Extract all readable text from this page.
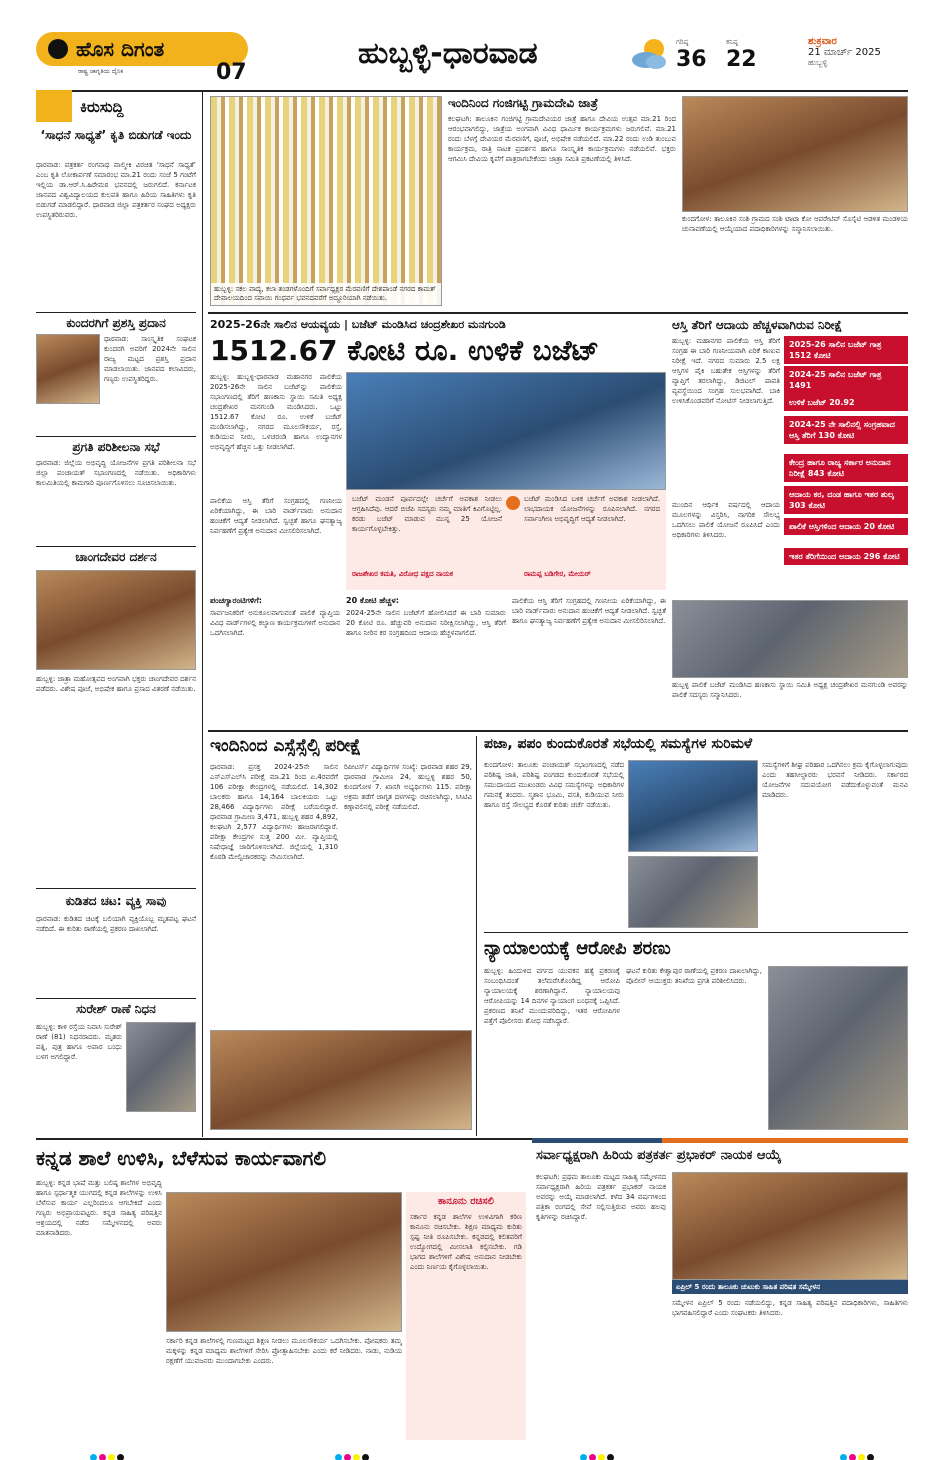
ಹೊಸ ದಿಗಂತ
ರಾಷ್ಟ್ರ ಜಾಗೃತಿಯ ದೈನಿಕ	07
ಹುಬ್ಬಳ್ಳಿ-ಧಾರವಾಡ	ಗರಿಷ್ಠ
36
ಕನಿಷ್ಠ
22
ಶುಕ್ರವಾರ
21 ಮಾರ್ಚ್ 2025
ಹುಬ್ಬಳ್ಳಿ
ಕಿರುಸುದ್ದಿ
‘ಸಾಧನೆ ಸಾಧ್ಯತೆ’ ಕೃತಿ ಬಿಡುಗಡೆ ಇಂದು
ಧಾರವಾಡ: ಪತ್ರಕರ್ತ ರಂಗನಾಥ ವಾಲ್ಮೀಕಿ ವಿರಚಿತ ‘ಸಾಧನೆ ಸಾಧ್ಯತೆ’ ಎಂಬ ಕೃತಿ ಲೋಕಾರ್ಪಣೆ ಸಮಾರಂಭ ಮಾ.21 ರಂದು ಸಂಜೆ 5 ಗಂಟೆಗೆ ಇಲ್ಲಿಯ ಡಾ.ಆರ್.ಸಿ.ಹಿರೇಮಠ ಭವನದಲ್ಲಿ ಜರುಗಲಿದೆ. ಕರ್ನಾಟಕ ಜಾನಪದ ವಿಶ್ವವಿದ್ಯಾಲಯದ ಕುಲಪತಿ ಹಾಗೂ ಹಿರಿಯ ಸಾಹಿತಿಗಳು ಕೃತಿ ಬಿಡುಗಡೆ ಮಾಡಲಿದ್ದಾರೆ. ಧಾರವಾಡ ಜಿಲ್ಲಾ ಪತ್ರಕರ್ತರ ಸಂಘದ ಅಧ್ಯಕ್ಷರು ಉಪಸ್ಥಿತರಿರುವರು.
ಕುಂದರಗಿಗೆ ಪ್ರಶಸ್ತಿ ಪ್ರದಾನ
ಧಾರವಾಡ: ಸಾಂಸ್ಕೃತಿಕ ಸಂಘಟಕ ಕುಂದರಗಿ ಅವರಿಗೆ 2024ನೇ ಸಾಲಿನ ರಾಜ್ಯ ಮಟ್ಟದ ಪ್ರಶಸ್ತಿ ಪ್ರದಾನ ಮಾಡಲಾಯಿತು. ಜಾನಪದ ಕಲಾವಿದರು, ಗಣ್ಯರು ಉಪಸ್ಥಿತರಿದ್ದರು.
ಪ್ರಗತಿ ಪರಿಶೀಲನಾ ಸಭೆ
ಧಾರವಾಡ: ಜಿಲ್ಲೆಯ ಅಭಿವೃದ್ಧಿ ಯೋಜನೆಗಳ ಪ್ರಗತಿ ಪರಿಶೀಲನಾ ಸಭೆ ಜಿಲ್ಲಾ ಪಂಚಾಯತ್ ಸಭಾಂಗಣದಲ್ಲಿ ನಡೆಯಿತು. ಅಧಿಕಾರಿಗಳು ಕಾಲಮಿತಿಯಲ್ಲಿ ಕಾಮಗಾರಿ ಪೂರ್ಣಗೊಳಿಸಲು ಸೂಚಿಸಲಾಯಿತು.
ಚಾಂಗದೇವರ ದರ್ಶನ
ಹುಬ್ಬಳ್ಳಿ: ಜಾತ್ರಾ ಮಹೋತ್ಸವದ ಅಂಗವಾಗಿ ಭಕ್ತರು ಚಾಂಗದೇವರ ದರ್ಶನ ಪಡೆದರು. ವಿಶೇಷ ಪೂಜೆ, ಅಭಿಷೇಕ ಹಾಗೂ ಪ್ರಸಾದ ವಿತರಣೆ ನಡೆಯಿತು.
ಕುಡಿತದ ಚಟ: ವ್ಯಕ್ತಿ ಸಾವು
ಧಾರವಾಡ: ಕುಡಿತದ ಚಟಕ್ಕೆ ಬಲಿಯಾಗಿ ವ್ಯಕ್ತಿಯೊಬ್ಬ ಮೃತಪಟ್ಟ ಘಟನೆ ನಡೆದಿದೆ. ಈ ಕುರಿತು ಠಾಣೆಯಲ್ಲಿ ಪ್ರಕರಣ ದಾಖಲಾಗಿದೆ.
ಸುರೇಶ್ ರಾಣೆ ನಿಧನ
ಹುಬ್ಬಳ್ಳಿ: ಕಾಳಿ ರಸ್ತೆಯ ನಿವಾಸಿ ಸುರೇಶ್ ರಾಣೆ (81) ನಿಧನರಾದರು. ಮೃತರು ಪತ್ನಿ, ಪುತ್ರ ಹಾಗೂ ಅಪಾರ ಬಂಧು ಬಳಗ ಅಗಲಿದ್ದಾರೆ.
ಹುಬ್ಬಳ್ಳಿ: ಸಕಲ ವಾದ್ಯ, ಕಲಾ ತಂಡಗಳೊಂದಿಗೆ ಸರ್ವಾಧ್ಯಕ್ಷರ ಮೆರವಣಿಗೆ ದೇಶಪಾಂಡೆ ನಗರದ ಕಾಮತ್ ದೇವಾಲಯದಿಂದ ಸವಾಯಿ ಗಂಧರ್ವ ಭವನದವರೆಗೆ ಅದ್ದೂರಿಯಾಗಿ ನಡೆಯಿತು.
ಇಂದಿನಿಂದ ಗಂಜಿಗಟ್ಟಿ ಗ್ರಾಮದೇವಿ ಜಾತ್ರೆ
ಕಲಘಟಗಿ: ತಾಲೂಕಿನ ಗಂಜಿಗಟ್ಟಿ ಗ್ರಾಮದೇವಿಯರ ಜಾತ್ರೆ ಹಾಗೂ ದೇವಿಯ ಉತ್ಸವ ಮಾ.21 ರಿಂದ ಆರಂಭವಾಗಲಿದ್ದು, ಜಾತ್ರೆಯ ಅಂಗವಾಗಿ ವಿವಿಧ ಧಾರ್ಮಿಕ ಕಾರ್ಯಕ್ರಮಗಳು ಜರುಗಲಿವೆ. ಮಾ.21 ರಂದು ಬೆಳಗ್ಗೆ ದೇವಿಯರ ಮೆರವಣಿಗೆ, ಪೂಜೆ, ಅಭಿಷೇಕ ನಡೆಯಲಿದೆ. ಮಾ.22 ರಂದು ಉಡಿ ತುಂಬುವ ಕಾರ್ಯಕ್ರಮ, ರಾತ್ರಿ ನಾಟಕ ಪ್ರದರ್ಶನ ಹಾಗೂ ಸಾಂಸ್ಕೃತಿಕ ಕಾರ್ಯಕ್ರಮಗಳು ನಡೆಯಲಿವೆ. ಭಕ್ತರು ಆಗಮಿಸಿ ದೇವಿಯ ಕೃಪೆಗೆ ಪಾತ್ರರಾಗಬೇಕೆಂದು ಜಾತ್ರಾ ಸಮಿತಿ ಪ್ರಕಟಣೆಯಲ್ಲಿ ತಿಳಿಸಿದೆ.
ಕುಂದಗೋಳ: ತಾಲೂಕಿನ ಸಂಶಿ ಗ್ರಾಮದ ಸಂಶಿ ಟಾಟಾ ಕೋ ಆಪರೇಟಿವ್ ಸೊಸೈಟಿ ಆಡಳಿತ ಮಂಡಳಿಯ ಚುನಾವಣೆಯಲ್ಲಿ ಆಯ್ಕೆಯಾದ ಪದಾಧಿಕಾರಿಗಳನ್ನು ಸನ್ಮಾನಿಸಲಾಯಿತು.
2025-26ನೇ ಸಾಲಿನ ಆಯವ್ಯಯ | ಬಜೆಟ್ ಮಂಡಿಸಿದ ಚಂದ್ರಶೇಖರ ಮನಗುಂಡಿ
1512.67 ಕೋಟಿ ರೂ. ಉಳಿಕೆ ಬಜೆಟ್
ಹುಬ್ಬಳ್ಳಿ: ಹುಬ್ಬಳ್ಳಿ-ಧಾರವಾಡ ಮಹಾನಗರ ಪಾಲಿಕೆಯ 2025-26ನೇ ಸಾಲಿನ ಬಜೆಟ್‌ನ್ನು ಪಾಲಿಕೆಯ ಸಭಾಂಗಣದಲ್ಲಿ ತೆರಿಗೆ ಹಣಕಾಸು ಸ್ಥಾಯಿ ಸಮಿತಿ ಅಧ್ಯಕ್ಷ ಚಂದ್ರಶೇಖರ ಮನಗುಂಡಿ ಮಂಡಿಸಿದರು. ಒಟ್ಟು 1512.67 ಕೋಟಿ ರೂ. ಉಳಿಕೆ ಬಜೆಟ್ ಮಂಡಿಸಲಾಗಿದ್ದು, ನಗರದ ಮೂಲಸೌಕರ್ಯ, ರಸ್ತೆ, ಕುಡಿಯುವ ನೀರು, ಒಳಚರಂಡಿ ಹಾಗೂ ಉದ್ಯಾನಗಳ ಅಭಿವೃದ್ಧಿಗೆ ಹೆಚ್ಚಿನ ಒತ್ತು ನೀಡಲಾಗಿದೆ.
ಪಾಲಿಕೆಯ ಆಸ್ತಿ ತೆರಿಗೆ ಸಂಗ್ರಹದಲ್ಲಿ ಗಣನೀಯ ಏರಿಕೆಯಾಗಿದ್ದು, ಈ ಬಾರಿ ವಾರ್ಡ್‌ವಾರು ಅನುದಾನ ಹಂಚಿಕೆಗೆ ಆದ್ಯತೆ ನೀಡಲಾಗಿದೆ. ಸ್ವಚ್ಛತೆ ಹಾಗೂ ಘನತ್ಯಾಜ್ಯ ನಿರ್ವಹಣೆಗೆ ಪ್ರತ್ಯೇಕ ಅನುದಾನ ಮೀಸಲಿರಿಸಲಾಗಿದೆ.
ಬಜೆಟ್ ಮಂಡನೆ ಪೂರ್ವದಲ್ಲೇ ಚರ್ಚೆಗೆ ಅವಕಾಶ ನೀಡಲು ಆಗ್ರಹಿಸಿದೆವು. ಆದರೆ ಬಿಜೆಪಿ ಸದಸ್ಯರು ನಮ್ಮ ಮಾತಿಗೆ ಕಿವಿಗೊಟ್ಟಿಲ್ಲ. ಕರಡು ಬಜೆಟ್ ಮಾಡುವ ಮುನ್ನ 25 ಯೋಜನೆ ಕಾರ್ಯಗೊಳ್ಳಬೇಕಿತ್ತು.
ರಾಜಶೇಖರ ಕಮತಿ, ವಿರೋಧ ಪಕ್ಷದ ನಾಯಕ
ಬಜೆಟ್ ಮಂಡಿಸಿದ ಬಳಿಕ ಚರ್ಚೆಗೆ ಅವಕಾಶ ನೀಡಲಾಗಿದೆ. ಲಾಭದಾಯಕ ಯೋಜನೆಗಳನ್ನು ರೂಪಿಸಲಾಗಿದೆ. ನಗರದ ಸರ್ವಾಂಗೀಣ ಅಭಿವೃದ್ಧಿಗೆ ಆದ್ಯತೆ ನೀಡಲಾಗಿದೆ.
ರಾಮಪ್ಪ ಬಡಿಗೇರ, ಮೇಯರ್
20 ಕೋಟಿ ಹೆಚ್ಚಳ:
2024-25ನೇ ಸಾಲಿನ ಬಜೆಟ್‌ಗೆ ಹೋಲಿಸಿದರೆ ಈ ಬಾರಿ ಸುಮಾರು 20 ಕೋಟಿ ರೂ. ಹೆಚ್ಚುವರಿ ಅನುದಾನ ನಿರೀಕ್ಷಿಸಲಾಗಿದ್ದು, ಆಸ್ತಿ ತೆರಿಗೆ ಹಾಗೂ ನೀರಿನ ಕರ ಸಂಗ್ರಹದಿಂದ ಆದಾಯ ಹೆಚ್ಚಳವಾಗಲಿದೆ.
ಪಂಚಗ್ಯಾರಂಟಿಗಳಿಗೆ:
ಸಾರ್ವಜನಿಕರಿಗೆ ಅನುಕೂಲವಾಗುವಂತೆ ಪಾಲಿಕೆ ವ್ಯಾಪ್ತಿಯ ವಿವಿಧ ವಾರ್ಡ್‌ಗಳಲ್ಲಿ ಕಲ್ಯಾಣ ಕಾರ್ಯಕ್ರಮಗಳಿಗೆ ಅನುದಾನ ಒದಗಿಸಲಾಗಿದೆ.
ಪಾಲಿಕೆಯ ಆಸ್ತಿ ತೆರಿಗೆ ಸಂಗ್ರಹದಲ್ಲಿ ಗಣನೀಯ ಏರಿಕೆಯಾಗಿದ್ದು, ಈ ಬಾರಿ ವಾರ್ಡ್‌ವಾರು ಅನುದಾನ ಹಂಚಿಕೆಗೆ ಆದ್ಯತೆ ನೀಡಲಾಗಿದೆ. ಸ್ವಚ್ಛತೆ ಹಾಗೂ ಘನತ್ಯಾಜ್ಯ ನಿರ್ವಹಣೆಗೆ ಪ್ರತ್ಯೇಕ ಅನುದಾನ ಮೀಸಲಿರಿಸಲಾಗಿದೆ.
ಆಸ್ತಿ ತೆರಿಗೆ ಆದಾಯ ಹೆಚ್ಚಳವಾಗಿರುವ ನಿರೀಕ್ಷೆ
ಹುಬ್ಬಳ್ಳಿ: ಮಹಾನಗರ ಪಾಲಿಕೆಯ ಆಸ್ತಿ ತೆರಿಗೆ ಸಂಗ್ರಹ ಈ ಬಾರಿ ಗಣನೀಯವಾಗಿ ಏರಿಕೆ ಕಾಣುವ ನಿರೀಕ್ಷೆ ಇದೆ. ನಗರದ ಸುಮಾರು 2.5 ಲಕ್ಷ ಆಸ್ತಿಗಳ ಪೈಕಿ ಬಹುತೇಕ ಆಸ್ತಿಗಳನ್ನು ತೆರಿಗೆ ವ್ಯಾಪ್ತಿಗೆ ತರಲಾಗಿದ್ದು, ಡಿಜಿಟಲ್ ಪಾವತಿ ವ್ಯವಸ್ಥೆಯಿಂದ ಸಂಗ್ರಹ ಸುಲಭವಾಗಿದೆ. ಬಾಕಿ ಉಳಿಸಿಕೊಂಡವರಿಗೆ ನೋಟಿಸ್ ನೀಡಲಾಗುತ್ತಿದೆ.
ಮುಂದಿನ ಆರ್ಥಿಕ ವರ್ಷದಲ್ಲಿ ಆದಾಯ ಮೂಲಗಳನ್ನು ವಿಸ್ತರಿಸಿ, ನಾಗರಿಕ ಸೌಲಭ್ಯ ಒದಗಿಸಲು ಪಾಲಿಕೆ ಯೋಜನೆ ರೂಪಿಸಿದೆ ಎಂದು ಅಧಿಕಾರಿಗಳು ತಿಳಿಸಿದರು.
2025-26 ಸಾಲಿನ ಬಜೆಟ್ ಗಾತ್ರ 1512 ಕೋಟಿ
2024-25 ಸಾಲಿನ ಬಜೆಟ್ ಗಾತ್ರ 1491
ಉಳಿಕೆ ಬಜೆಟ್ 20.92
2024-25 ನೇ ಸಾಲಿನಲ್ಲಿ ಸಂಗ್ರಹವಾದ ಆಸ್ತಿ ತೆರಿಗೆ 130 ಕೋಟಿ
ಕೇಂದ್ರ ಹಾಗೂ ರಾಜ್ಯ ಸರ್ಕಾರ ಅನುದಾನ ನಿರೀಕ್ಷೆ 843 ಕೋಟಿ
ಆದಾಯ ಕರ, ದಂಡ ಹಾಗೂ ಇತರ ಶುಲ್ಕ 303 ಕೋಟಿ
ಪಾಲಿಕೆ ಆಸ್ತಿಗಳಿಂದ ಆದಾಯ 20 ಕೋಟಿ
ಇತರ ತೆರಿಗೆಯಿಂದ ಆದಾಯ 296 ಕೋಟಿ
ಹುಬ್ಬಳ್ಳಿ ಪಾಲಿಕೆ ಬಜೆಟ್ ಮಂಡಿಸಿದ ಹಣಕಾಸು ಸ್ಥಾಯಿ ಸಮಿತಿ ಅಧ್ಯಕ್ಷ ಚಂದ್ರಶೇಖರ ಮನಗುಂಡಿ ಅವರನ್ನು ಪಾಲಿಕೆ ಸದಸ್ಯರು ಸನ್ಮಾನಿಸಿದರು.
ಇಂದಿನಿಂದ ಎಸ್ಸೆಸ್ಸೆಲ್ಸಿ ಪರೀಕ್ಷೆ
ಧಾರವಾಡ: ಪ್ರಸಕ್ತ 2024-25ನೇ ಸಾಲಿನ ಎಸ್‌ಎಸ್‌ಎಲ್‌ಸಿ ಪರೀಕ್ಷೆ ಮಾ.21 ರಿಂದ ಏ.4ರವರೆಗೆ 106 ಪರೀಕ್ಷಾ ಕೇಂದ್ರಗಳಲ್ಲಿ ನಡೆಯಲಿದೆ. 14,302 ಬಾಲಕರು ಹಾಗೂ 14,164 ಬಾಲಕಿಯರು ಒಟ್ಟು 28,466 ವಿದ್ಯಾರ್ಥಿಗಳು ಪರೀಕ್ಷೆ ಬರೆಯಲಿದ್ದಾರೆ. ಧಾರವಾಡ ಗ್ರಾಮೀಣ 3,471, ಹುಬ್ಬಳ್ಳಿ ಶಹರ 4,892, ಕಲಘಟಗಿ 2,577 ವಿದ್ಯಾರ್ಥಿಗಳು ಹಾಜರಾಗಲಿದ್ದಾರೆ. ಪರೀಕ್ಷಾ ಕೇಂದ್ರಗಳ ಸುತ್ತ 200 ಮೀ. ವ್ಯಾಪ್ತಿಯಲ್ಲಿ ನಿಷೇಧಾಜ್ಞೆ ಜಾರಿಗೊಳಿಸಲಾಗಿದೆ. ಜಿಲ್ಲೆಯಲ್ಲಿ 1,310 ಕೊಠಡಿ ಮೇಲ್ವಿಚಾರಕರನ್ನು ನೇಮಿಸಲಾಗಿದೆ.
ರಿಪೀಟರ್ಸ್ ವಿದ್ಯಾರ್ಥಿಗಳ ಸಂಖ್ಯೆ: ಧಾರವಾಡ ಶಹರ 29, ಧಾರವಾಡ ಗ್ರಾಮೀಣ 24, ಹುಬ್ಬಳ್ಳಿ ಶಹರ 50, ಕುಂದಗೋಳ 7. ಖಾಸಗಿ ಅಭ್ಯರ್ಥಿಗಳು 115. ಪರೀಕ್ಷಾ ಅಕ್ರಮ ತಡೆಗೆ ಜಾಗೃತ ದಳಗಳನ್ನು ರಚಿಸಲಾಗಿದ್ದು, ಸಿಸಿಟಿವಿ ಕಣ್ಗಾವಲಿನಲ್ಲಿ ಪರೀಕ್ಷೆ ನಡೆಯಲಿದೆ.
ಪಜಾ, ಪಪಂ ಕುಂದುಕೊರತೆ ಸಭೆಯಲ್ಲಿ ಸಮಸ್ಯೆಗಳ ಸುರಿಮಳೆ
ಕುಂದಗೋಳ: ತಾಲೂಕು ಪಂಚಾಯತ್ ಸಭಾಂಗಣದಲ್ಲಿ ನಡೆದ ಪರಿಶಿಷ್ಟ ಜಾತಿ, ಪರಿಶಿಷ್ಟ ಪಂಗಡದ ಕುಂದುಕೊರತೆ ಸಭೆಯಲ್ಲಿ ಸಮುದಾಯದ ಮುಖಂಡರು ವಿವಿಧ ಸಮಸ್ಯೆಗಳನ್ನು ಅಧಿಕಾರಿಗಳ ಗಮನಕ್ಕೆ ತಂದರು. ಸ್ಮಶಾನ ಭೂಮಿ, ವಸತಿ, ಕುಡಿಯುವ ನೀರು ಹಾಗೂ ರಸ್ತೆ ಸೌಲಭ್ಯದ ಕೊರತೆ ಕುರಿತು ಚರ್ಚೆ ನಡೆಯಿತು.
ಸಮಸ್ಯೆಗಳಿಗೆ ಶೀಘ್ರ ಪರಿಹಾರ ಒದಗಿಸಲು ಕ್ರಮ ಕೈಗೊಳ್ಳಲಾಗುವುದು ಎಂದು ತಹಸೀಲ್ದಾರರು ಭರವಸೆ ನೀಡಿದರು. ಸರ್ಕಾರದ ಯೋಜನೆಗಳ ಸದುಪಯೋಗ ಪಡೆದುಕೊಳ್ಳುವಂತೆ ಮನವಿ ಮಾಡಿದರು.
ನ್ಯಾಯಾಲಯಕ್ಕೆ ಆರೋಪಿ ಶರಣು
ಹುಬ್ಬಳ್ಳಿ: ಹಿಂದುಳಿದ ವರ್ಗದ ಯುವಕನ ಹತ್ಯೆ ಪ್ರಕರಣಕ್ಕೆ ಸಂಬಂಧಿಸಿದಂತೆ ತಲೆಮರೆಸಿಕೊಂಡಿದ್ದ ಆರೋಪಿ ನ್ಯಾಯಾಲಯಕ್ಕೆ ಶರಣಾಗಿದ್ದಾನೆ. ನ್ಯಾಯಾಲಯವು ಆರೋಪಿಯನ್ನು 14 ದಿನಗಳ ನ್ಯಾಯಾಂಗ ಬಂಧನಕ್ಕೆ ಒಪ್ಪಿಸಿದೆ. ಪ್ರಕರಣದ ತನಿಖೆ ಮುಂದುವರಿದಿದ್ದು, ಇತರ ಆರೋಪಿಗಳ ಪತ್ತೆಗೆ ಪೊಲೀಸರು ಶೋಧ ನಡೆಸಿದ್ದಾರೆ.
ಘಟನೆ ಕುರಿತು ಕೇಶ್ವಾಪುರ ಠಾಣೆಯಲ್ಲಿ ಪ್ರಕರಣ ದಾಖಲಾಗಿದ್ದು, ಪೊಲೀಸ್ ಆಯುಕ್ತರು ತನಿಖೆಯ ಪ್ರಗತಿ ಪರಿಶೀಲಿಸಿದರು.
ಕನ್ನಡ ಶಾಲೆ ಉಳಿಸಿ, ಬೆಳೆಸುವ ಕಾರ್ಯವಾಗಲಿ
ಹುಬ್ಬಳ್ಳಿ: ಕನ್ನಡ ಭಾಷೆ ಮತ್ತು ಬಲಿಷ್ಠ ಶಾಲೆಗಳ ಅಭಿವೃದ್ಧಿ ಹಾಗೂ ಸ್ಪರ್ಧಾತ್ಮಕ ಯುಗದಲ್ಲಿ ಕನ್ನಡ ಶಾಲೆಗಳನ್ನು ಉಳಿಸಿ ಬೆಳೆಸುವ ಕಾರ್ಯ ಎಲ್ಲರಿಂದಲೂ ಆಗಬೇಕಿದೆ ಎಂದು ಗಣ್ಯರು ಅಭಿಪ್ರಾಯಪಟ್ಟರು. ಕನ್ನಡ ಸಾಹಿತ್ಯ ಪರಿಷತ್ತಿನ ಆಶ್ರಯದಲ್ಲಿ ನಡೆದ ಸಮ್ಮೇಳನದಲ್ಲಿ ಅವರು ಮಾತನಾಡಿದರು.
ಸರ್ಕಾರಿ ಕನ್ನಡ ಶಾಲೆಗಳಲ್ಲಿ ಗುಣಮಟ್ಟದ ಶಿಕ್ಷಣ ನೀಡಲು ಮೂಲಸೌಕರ್ಯ ಒದಗಿಸಬೇಕು. ಪೋಷಕರು ತಮ್ಮ ಮಕ್ಕಳನ್ನು ಕನ್ನಡ ಮಾಧ್ಯಮ ಶಾಲೆಗಳಿಗೆ ಸೇರಿಸಿ ಪ್ರೋತ್ಸಾಹಿಸಬೇಕು ಎಂದು ಕರೆ ನೀಡಿದರು. ನಾಡು, ನುಡಿಯ ರಕ್ಷಣೆಗೆ ಯುವಜನರು ಮುಂದಾಗಬೇಕು ಎಂದರು.
ಕಾನೂನು ರಚಿಸಲಿ
ಸರ್ಕಾರ ಕನ್ನಡ ಶಾಲೆಗಳ ಉಳಿವಿಗಾಗಿ ಕಠಿಣ ಕಾನೂನು ರಚಿಸಬೇಕು. ಶಿಕ್ಷಣ ಮಾಧ್ಯಮ ಕುರಿತು ಸ್ಪಷ್ಟ ನೀತಿ ರೂಪಿಸಬೇಕು. ಕನ್ನಡದಲ್ಲಿ ಕಲಿತವರಿಗೆ ಉದ್ಯೋಗದಲ್ಲಿ ಮೀಸಲಾತಿ ಕಲ್ಪಿಸಬೇಕು. ಗಡಿ ಭಾಗದ ಶಾಲೆಗಳಿಗೆ ವಿಶೇಷ ಅನುದಾನ ನೀಡಬೇಕು ಎಂದು ನಿರ್ಣಯ ಕೈಗೊಳ್ಳಲಾಯಿತು.
ಸರ್ವಾಧ್ಯಕ್ಷರಾಗಿ ಹಿರಿಯ ಪತ್ರಕರ್ತ ಪ್ರಭಾಕರ್ ನಾಯಕ ಆಯ್ಕೆ
ಕಲಘಟಗಿ: ಪ್ರಥಮ ತಾಲೂಕು ಮಟ್ಟದ ಸಾಹಿತ್ಯ ಸಮ್ಮೇಳನದ ಸರ್ವಾಧ್ಯಕ್ಷರಾಗಿ ಹಿರಿಯ ಪತ್ರಕರ್ತ ಪ್ರಭಾಕರ್ ನಾಯಕ ಅವರನ್ನು ಆಯ್ಕೆ ಮಾಡಲಾಗಿದೆ. ಕಳೆದ 34 ವರ್ಷಗಳಿಂದ ಪತ್ರಿಕಾ ರಂಗದಲ್ಲಿ ಸೇವೆ ಸಲ್ಲಿಸುತ್ತಿರುವ ಅವರು ಹಲವು ಕೃತಿಗಳನ್ನು ರಚಿಸಿದ್ದಾರೆ.
ಏಪ್ರಿಲ್ 5 ರಂದು ತಾಲೂಕು ಚುಟುಕು ಸಾಹಿತ ಪರಿಷತ ಸಮ್ಮೇಳನ
ಸಮ್ಮೇಳನ ಏಪ್ರಿಲ್ 5 ರಂದು ನಡೆಯಲಿದ್ದು, ಕನ್ನಡ ಸಾಹಿತ್ಯ ಪರಿಷತ್ತಿನ ಪದಾಧಿಕಾರಿಗಳು, ಸಾಹಿತಿಗಳು ಭಾಗವಹಿಸಲಿದ್ದಾರೆ ಎಂದು ಸಂಘಟಕರು ತಿಳಿಸಿದರು.
